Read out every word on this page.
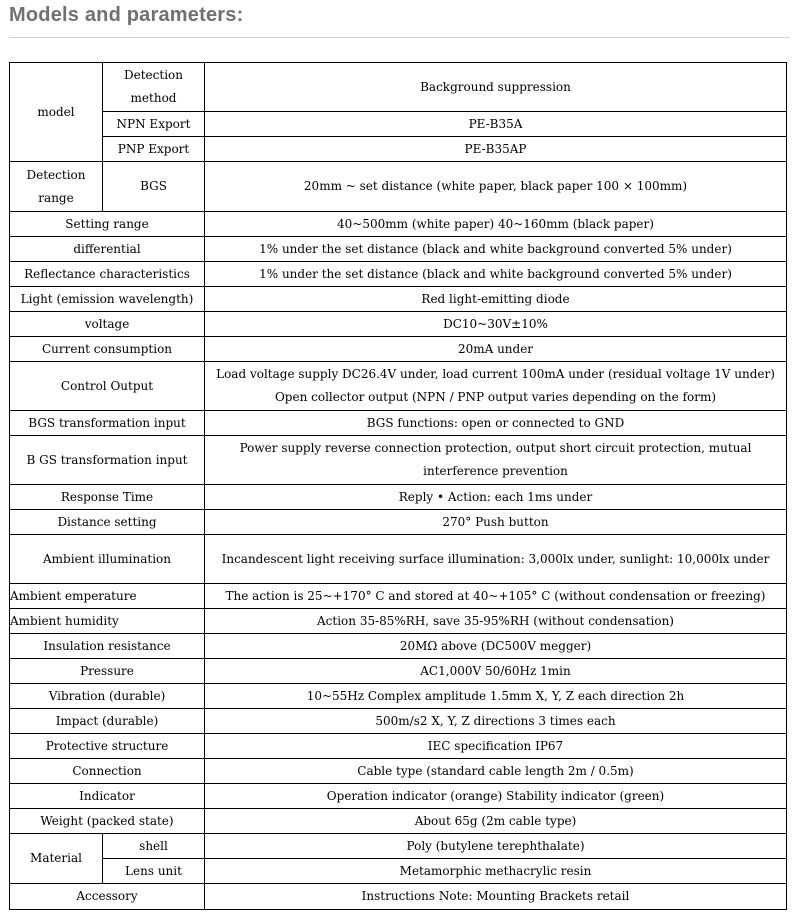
Models and parameters:
model	Detection method	Background suppression
	NPN Export	PE-B35A
	PNP Export	PE-B35AP
Detection range	BGS	20mm ~ set distance (white paper, black paper 100 × 100mm)
Setting range		40~500mm (white paper) 40~160mm (black paper)
differential		1% under the set distance (black and white background converted 5% under)
Reflectance characteristics		1% under the set distance (black and white background converted 5% under)
Light (emission wavelength)		Red light-emitting diode
voltage		DC10~30V±10%
Current consumption		20mA under
Control Output		Load voltage supply DC26.4V under, load current 100mA under (residual voltage 1V under)
Open collector output (NPN / PNP output varies depending on the form)

BGS transformation input		BGS functions: open or connected to GND
B GS transformation input		Power supply reverse connection protection, output short circuit protection, mutual interference prevention
Response Time		Reply • Action: each 1ms under
Distance setting		270° Push button
Ambient illumination		Incandescent light receiving surface illumination: 3,000lx under, sunlight: 10,000lx under
Ambient emperature		The action is 25~+170° C and stored at 40~+105° C (without condensation or freezing)
Ambient humidity		Action 35-85%RH, save 35-95%RH (without condensation)
Insulation resistance		20MΩ above (DC500V megger)
Pressure		AC1,000V 50/60Hz 1min
Vibration (durable)		10~55Hz Complex amplitude 1.5mm X, Y, Z each direction 2h
Impact (durable)		500m/s2 X, Y, Z directions 3 times each
Protective structure		IEC specification IP67
Connection		Cable type (standard cable length 2m / 0.5m)
Indicator		Operation indicator (orange) Stability indicator (green)
Weight (packed state)		About 65g (2m cable type)
Material	shell	Poly (butylene terephthalate)
	Lens unit	Metamorphic methacrylic resin
Accessory		Instructions Note: Mounting Brackets retail
